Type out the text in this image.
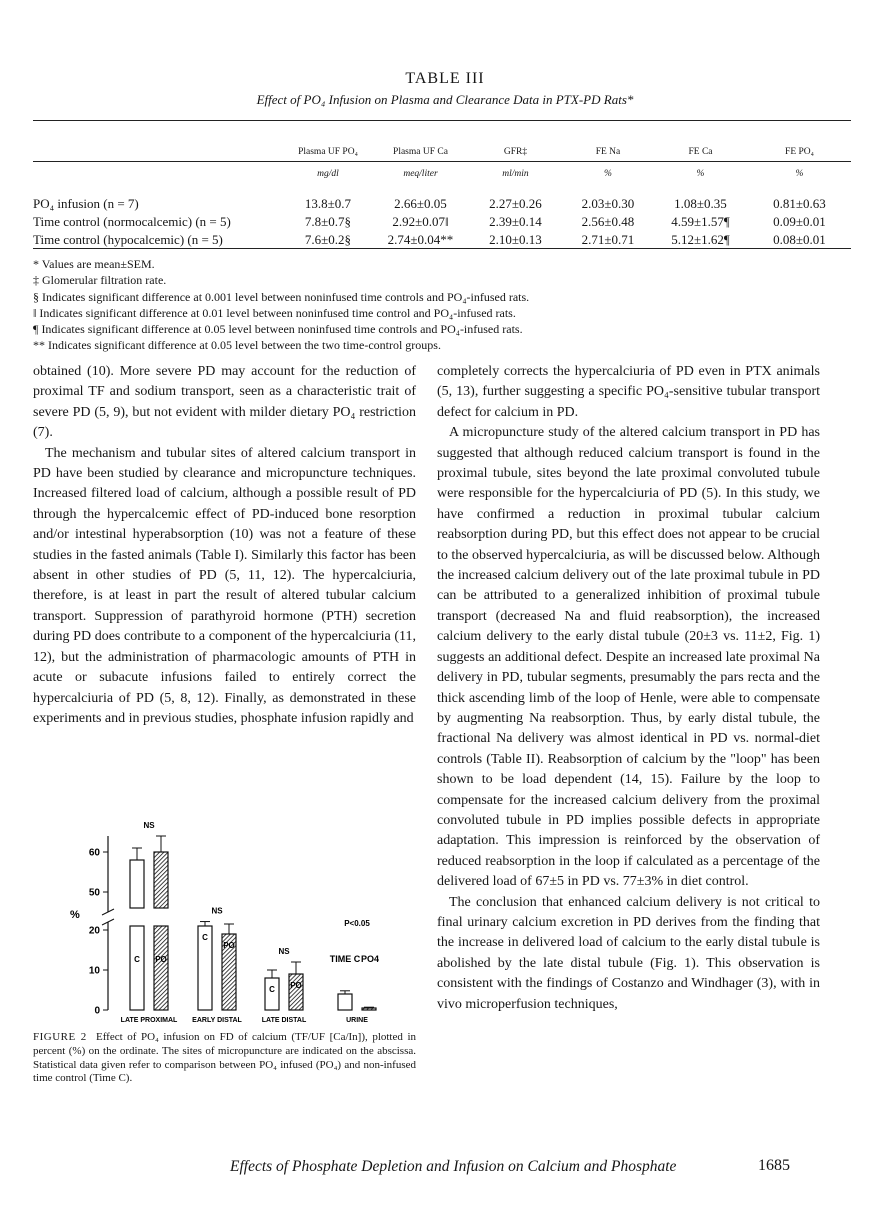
TABLE III
Effect of PO₄ Infusion on Plasma and Clearance Data in PTX-PD Rats*
	Plasma UF PO₄	Plasma UF Ca	GFR‡	FE Na	FE Ca	FE PO₄
	mg/dl	meq/liter	ml/min	%	%	%
PO₄ infusion (n = 7)	13.8±0.7	2.66±0.05	2.27±0.26	2.03±0.30	1.08±0.35	0.81±0.63
Time control (normocalcemic) (n = 5)	7.8±0.7§	2.92±0.07‖	2.39±0.14	2.56±0.48	4.59±1.57¶	0.09±0.01
Time control (hypocalcemic) (n = 5)	7.6±0.2§	2.74±0.04**	2.10±0.13	2.71±0.71	5.12±1.62¶	0.08±0.01
* Values are mean±SEM.
‡ Glomerular filtration rate.
§ Indicates significant difference at 0.001 level between noninfused time controls and PO₄-infused rats.
‖ Indicates significant difference at 0.01 level between noninfused time control and PO₄-infused rats.
¶ Indicates significant difference at 0.05 level between noninfused time controls and PO₄-infused rats.
** Indicates significant difference at 0.05 level between the two time-control groups.

obtained (10). More severe PD may account for the reduction of proximal TF and sodium transport, seen as a characteristic trait of severe PD (5, 9), but not evident with milder dietary PO₄ restriction (7).

The mechanism and tubular sites of altered calcium transport in PD have been studied by clearance and micropuncture techniques. Increased filtered load of calcium, although a possible result of PD through the hypercalcemic effect of PD-induced bone resorption and/or intestinal hyperabsorption (10) was not a feature of these studies in the fasted animals (Table I). Similarly this factor has been absent in other studies of PD (5, 11, 12). The hypercalciuria, therefore, is at least in part the result of altered tubular calcium transport. Suppression of parathyroid hormone (PTH) secretion during PD does contribute to a component of the hypercalciuria (11, 12), but the administration of pharmacologic amounts of PTH in acute or subacute infusions failed to entirely correct the hypercalciuria of PD (5, 8, 12). Finally, as demonstrated in these experiments and in previous studies, phosphate infusion rapidly and

completely corrects the hypercalciuria of PD even in PTX animals (5, 13), further suggesting a specific PO₄-sensitive tubular transport defect for calcium in PD.

A micropuncture study of the altered calcium transport in PD has suggested that although reduced calcium transport is found in the proximal tubule, sites beyond the late proximal convoluted tubule were responsible for the hypercalciuria of PD (5). In this study, we have confirmed a reduction in proximal tubular calcium reabsorption during PD, but this effect does not appear to be crucial to the observed hypercalciuria, as will be discussed below. Although the increased calcium delivery out of the late proximal tubule in PD can be attributed to a generalized inhibition of proximal tubule transport (decreased Na and fluid reabsorption), the increased calcium delivery to the early distal tubule (20±3 vs. 11±2, Fig. 1) suggests an additional defect. Despite an increased late proximal Na delivery in PD, tubular segments, presumably the pars recta and the thick ascending limb of the loop of Henle, were able to compensate by augmenting Na reabsorption. Thus, by early distal tubule, the fractional Na delivery was almost identical in PD vs. normal-diet controls (Table II). Reabsorption of calcium by the "loop" has been shown to be load dependent (14, 15). Failure by the loop to compensate for the increased calcium delivery from the proximal convoluted tubule in PD implies possible defects in appropriate adaptation. This impression is reinforced by the observation of reduced reabsorption in the loop if calculated as a percentage of the delivered load of 67±5 in PD vs. 77±3% in diet control.

The conclusion that enhanced calcium delivery is not critical to final urinary calcium excretion in PD derives from the finding that the increase in delivered load of calcium to the early distal tubule is abolished by the late distal tubule (Fig. 1). This observation is consistent with the findings of Costanzo and Windhager (3), with in vivo microperfusion techniques,

0
10
20
50
60
%
C PO
NS
LATE PROXIMAL
C
PO
NS
EARLY DISTAL
C PO
NS
LATE DISTAL
P<0.05
URINE
TIME C PO4
FIGURE 2 Effect of PO₄ infusion on FD of calcium (TF/UF [Ca/In]), plotted in percent (%) on the ordinate. The sites of micropuncture are indicated on the abscissa. Statistical data given refer to comparison between PO₄ infused (PO₄) and non-infused time control (Time C).
Effects of Phosphate Depletion and Infusion on Calcium and Phosphate	1685
